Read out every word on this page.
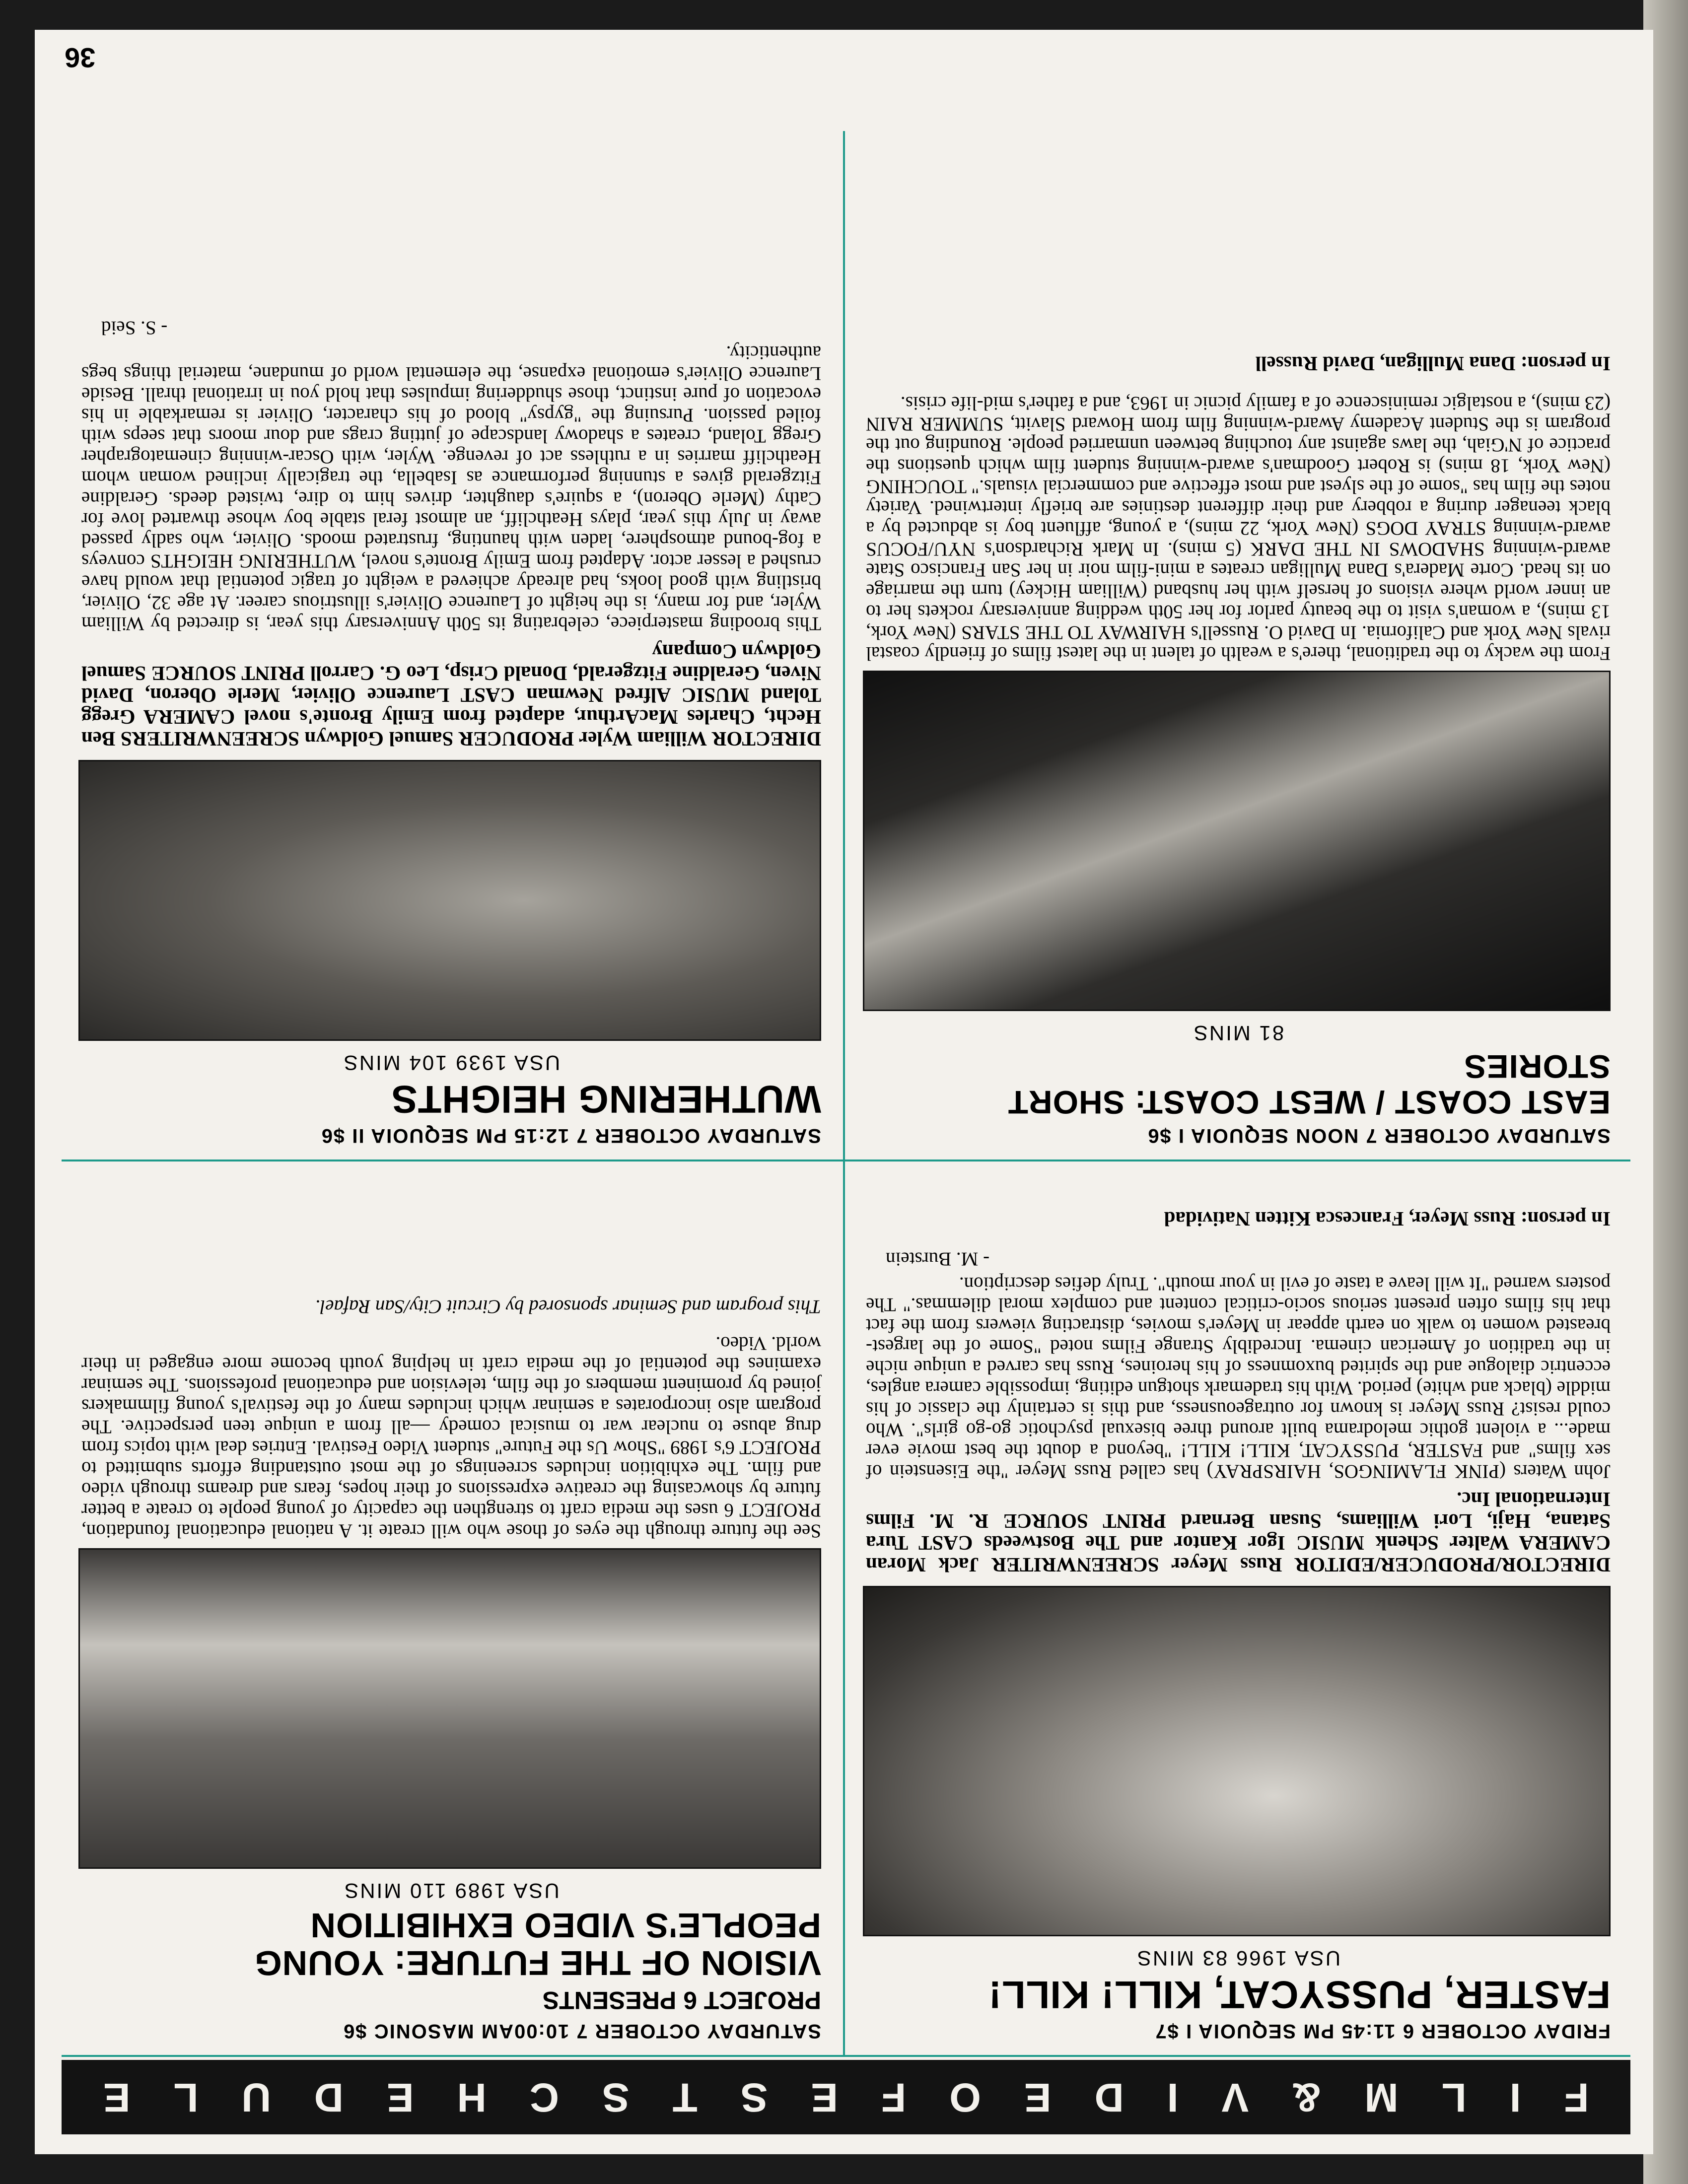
F
I
L
M
&
V
I
D
E
O
F
E
S
T
S
C
H
E
D
U
L
E
FRIDAY OCTOBER 6 11:45 PM SEQUOIA I $7
FASTER, PUSSYCAT, KILL! KILL!
USA 1966 83 MINS
DIRECTOR/PRODUCER/EDITOR Russ Meyer SCREENWRITER Jack Moran CAMERA Walter Schenk MUSIC Igor Kantor and The Bostweeds CAST Tura Satana, Haji, Lori Williams, Susan Bernard PRINT SOURCE R. M. Films International Inc.
John Waters (PINK FLAMINGOS, HAIRSPRAY) has called Russ Meyer "the Eisenstein of sex films" and FASTER, PUSSYCAT, KILL! KILL! "beyond a doubt the best movie ever made... a violent gothic melodrama built around three bisexual psychotic go-go girls". Who could resist? Russ Meyer is known for outrageousness, and this is certainly the classic of his middle (black and white) period. With his trademark shotgun editing, impossible camera angles, eccentric dialogue and the spirited buxomness of his heroines, Russ has carved a unique niche in the tradition of American cinema. Incredibly Strange Films noted "Some of the largest-breasted women to walk on earth appear in Meyer's movies, distracting viewers from the fact that his films often present serious socio-critical content and complex moral dilemmas." The posters warned "It will leave a taste of evil in your mouth". Truly defies description.
- M. Burstein
In person: Russ Meyer, Francesca Kitten Natividad
SATURDAY OCTOBER 7 10:00AM MASONIC $6
PROJECT 6 PRESENTS
VISION OF THE FUTURE: YOUNG PEOPLE'S VIDEO EXHIBITION
USA 1989 110 MINS
See the future through the eyes of those who will create it. A national educational foundation, PROJECT 6 uses the media craft to strengthen the capacity of young people to create a better future by showcasing the creative expressions of their hopes, fears and dreams through video and film. The exhibition includes screenings of the most outstanding efforts submitted to PROJECT 6's 1989 "Show Us the Future" student Video Festival. Entries deal with topics from drug abuse to nuclear war to musical comedy —all from a unique teen perspective. The program also incorporates a seminar which includes many of the festival's young filmmakers joined by prominent members of the film, television and educational professions. The seminar examines the potential of the media craft in helping youth become more engaged in their world. Video.
This program and Seminar sponsored by Circuit City/San Rafael.
SATURDAY OCTOBER 7 NOON SEQUOIA I $6
EAST COAST / WEST COAST: SHORT STORIES
81 MINS
From the wacky to the traditional, there's a wealth of talent in the latest films of friendly coastal rivals New York and California. In David O. Russell's HAIRWAY TO THE STARS (New York, 13 mins), a woman's visit to the beauty parlor for her 50th wedding anniversary rockets her to an inner world where visions of herself with her husband (William Hickey) turn the marriage on its head. Corte Madera's Dana Mulligan creates a mini-film noir in her San Francisco State award-winning SHADOWS IN THE DARK (5 mins). In Mark Richardson's NYU/FOCUS award-winning STRAY DOGS (New York, 22 mins), a young, affluent boy is abducted by a black teenager during a robbery and their different destinies are briefly intertwined. Variety notes the film has "some of the slyest and most effective and commercial visuals." TOUCHING (New York, 18 mins) is Robert Goodman's award-winning student film which questions the practice of N'Giah, the laws against any touching between unmarried people. Rounding out the program is the Student Academy Award-winning film from Howard Slavitt, SUMMER RAIN (23 mins), a nostalgic reminiscence of a family picnic in 1963, and a father's mid-life crisis.
In person: Dana Mulligan, David Russell
SATURDAY OCTOBER 7 12:15 PM SEQUOIA II $6
WUTHERING HEIGHTS
USA 1939 104 MINS
DIRECTOR William Wyler PRODUCER Samuel Goldwyn SCREENWRITERS Ben Hecht, Charles MacArthur, adapted from Emily Bronte's novel CAMERA Gregg Toland MUSIC Alfred Newman CAST Laurence Olivier, Merle Oberon, David Niven, Geraldine Fitzgerald, Donald Crisp, Leo G. Carroll PRINT SOURCE Samuel Goldwyn Company
This brooding masterpiece, celebrating its 50th Anniversary this year, is directed by William Wyler, and for many, is the height of Laurence Olivier's illustrious career. At age 32, Olivier, bristling with good looks, had already achieved a weight of tragic potential that would have crushed a lesser actor. Adapted from Emily Bronte's novel, WUTHERING HEIGHTS conveys a fog-bound atmosphere, laden with haunting, frustrated moods. Olivier, who sadly passed away in July this year, plays Heathcliff, an almost feral stable boy whose thwarted love for Cathy (Merle Oberon), a squire's daughter, drives him to dire, twisted deeds. Geraldine Fitzgerald gives a stunning performance as Isabella, the tragically inclined woman whom Heathcliff marries in a ruthless act of revenge. Wyler, with Oscar-winning cinematographer Gregg Toland, creates a shadowy landscape of jutting crags and dour moors that seeps with foiled passion. Pursuing the "gypsy" blood of his character, Olivier is remarkable in his evocation of pure instinct, those shuddering impulses that hold you in irrational thrall. Beside Laurence Olivier's emotional expanse, the elemental world of mundane, material things begs authenticity.
- S. Seid
36
